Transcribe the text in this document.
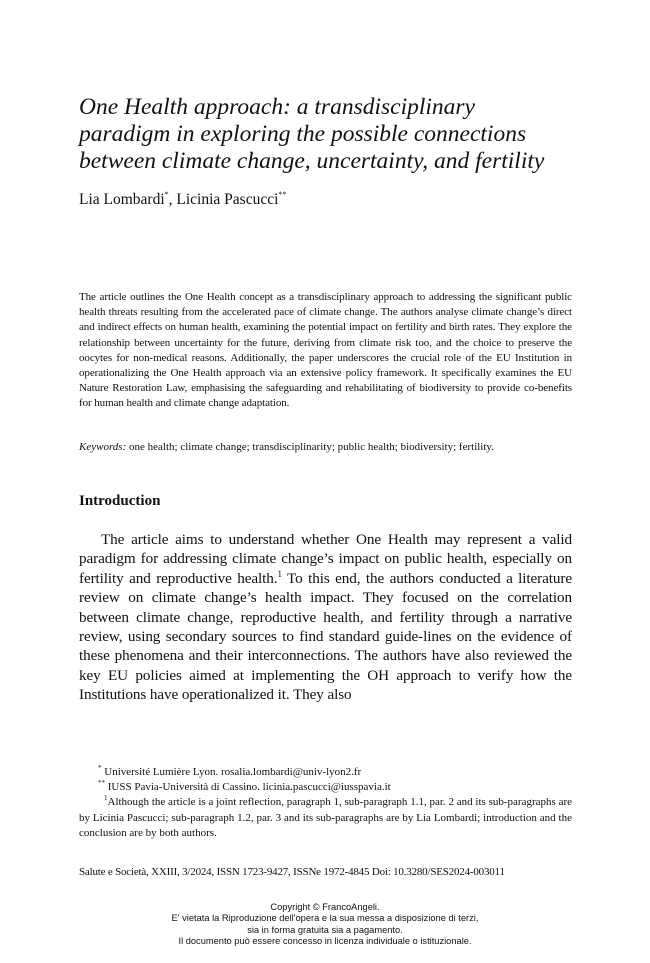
One Health approach: a transdisciplinary
paradigm in exploring the possible connections
between climate change, uncertainty, and fertility
Lia Lombardi*, Licinia Pascucci**

The article outlines the One Health concept as a transdisciplinary approach to addressing the significant public health threats resulting from the accelerated pace of climate change. The authors analyse climate change’s direct and indirect effects on human health, examining the potential impact on fertility and birth rates. They explore the relationship between uncertainty for the future, deriving from climate risk too, and the choice to preserve the oocytes for non-medical reasons. Additionally, the paper underscores the crucial role of the EU Institution in operationalizing the One Health approach via an extensive policy framework. It specifically examines the EU Nature Restoration Law, emphasising the safeguarding and rehabilitating of biodiversity to provide co-benefits for human health and climate change adaptation.

Keywords: one health; climate change; transdisciplinarity; public health; biodiversity; fertility.
Introduction

The article aims to understand whether One Health may represent a valid paradigm for addressing climate change’s impact on public health, especially on fertility and reproductive health.$^1$ To this end, the authors conducted a literature review on climate change’s health impact. They focused on the correlation between climate change, reproductive health, and fertility through a narrative review, using secondary sources to find standard guide-lines on the evidence of these phenomena and their interconnections. The authors have also reviewed the key EU policies aimed at implementing the OH approach to verify how the Institutions have operationalized it. They also

* Université Lumière Lyon. rosalia.lombardi@univ-lyon2.fr
** IUSS Pavia-Università di Cassino. licinia.pascucci@iusspavia.it
$^1$Although the article is a joint reflection, paragraph 1, sub-paragraph 1.1, par. 2 and its sub-paragraphs are by Licinia Pascucci; sub-paragraph 1.2, par. 3 and its sub-paragraphs are by Lia Lombardi; introduction and the conclusion are by both authors.
Salute e Società, XXIII, 3/2024, ISSN 1723-9427, ISSNe 1972-4845 Doi: 10.3280/SES2024-003011
Copyright © FrancoAngeli.
E' vietata la Riproduzione dell'opera e la sua messa a disposizione di terzi,
sia in forma gratuita sia a pagamento.
Il documento può essere concesso in licenza individuale o istituzionale.
